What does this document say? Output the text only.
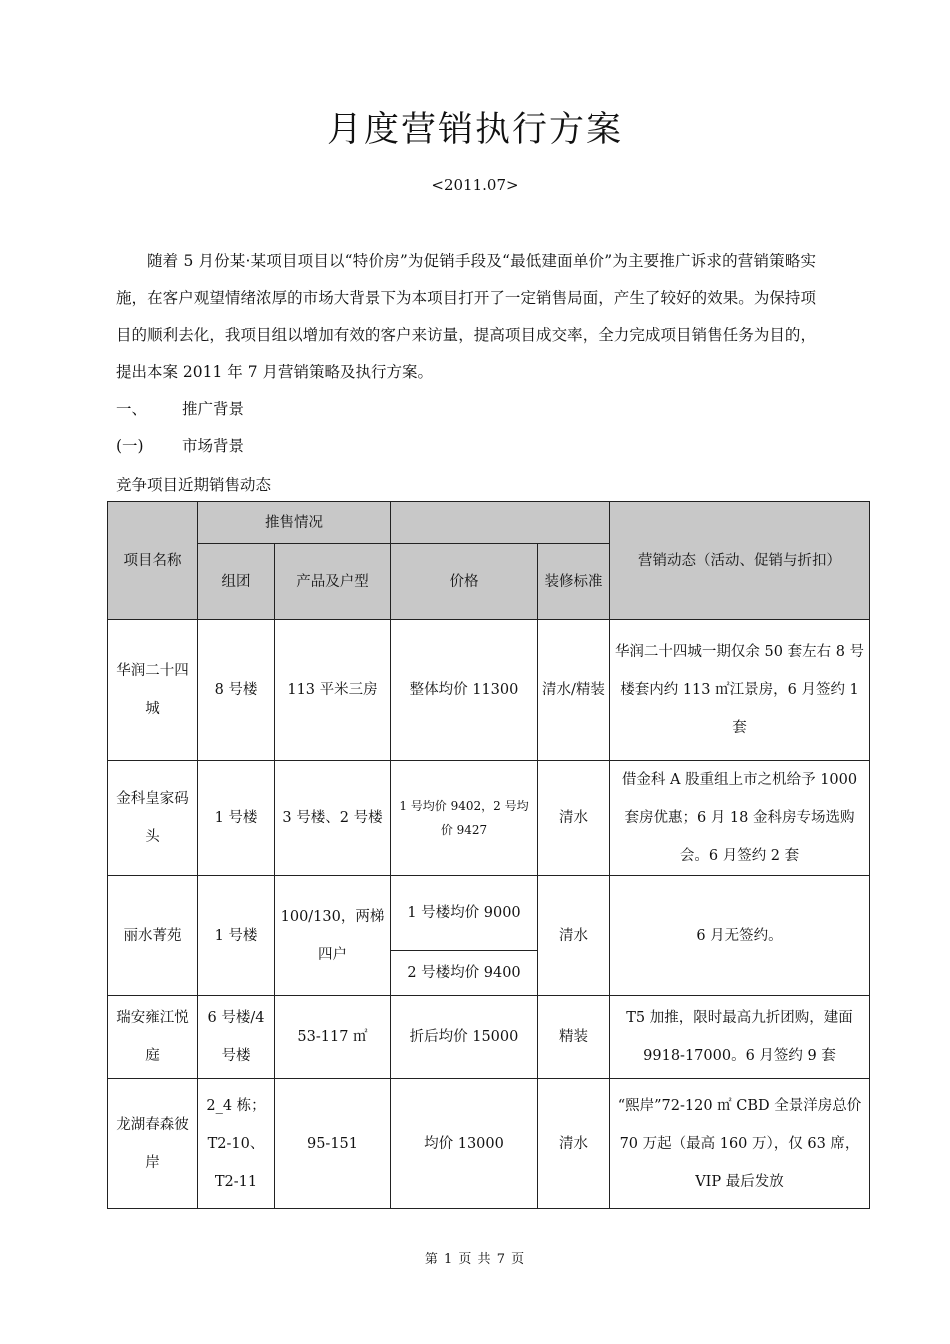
月度营销执行方案
<2011.07>

随着 5 月份某·某项目项目以“特价房”为促销手段及“最低建面单价”为主要推广诉求的营销策略实施，在客户观望情绪浓厚的市场大背景下为本项目打开了一定销售局面，产生了较好的效果。为保持项目的顺利去化，我项目组以增加有效的客户来访量，提高项目成交率，全力完成项目销售任务为目的，提出本案 2011 年 7 月营销策略及执行方案。

一、 推广背景
(一) 市场背景
竞争项目近期销售动态
项目名称	推售情况				营销动态（活动、促销与折扣）
	组团	产品及户型	价格	装修标准	
华润二十四城	8 号楼	113 平米三房	整体均价 11300	清水/精装	华润二十四城一期仅余 50 套左右 8 号楼套内约 113 ㎡江景房，6 月签约 1 套
金科皇家码头	1 号楼	3 号楼、2 号楼	1 号均价 9402，2 号均价 9427	清水	借金科 A 股重组上市之机给予 1000 套房优惠；6 月 18 金科房专场选购会。6 月签约 2 套
丽水菁苑	1 号楼	100/130，两梯四户	1 号楼均价 9000	清水	6 月无签约。
			2 号楼均价 9400		
瑞安雍江悦庭	6 号楼/4 号楼	53-117 ㎡	折后均价 15000	精装	T5 加推，限时最高九折团购，建面 9918-17000。6 月签约 9 套
龙湖春森彼岸	2_4 栋；T2-10、T2-11	95-151	均价 13000	清水	“熙岸”72-120 ㎡ CBD 全景洋房总价 70 万起（最高 160 万），仅 63 席，VIP 最后发放
第 1 页 共 7 页
